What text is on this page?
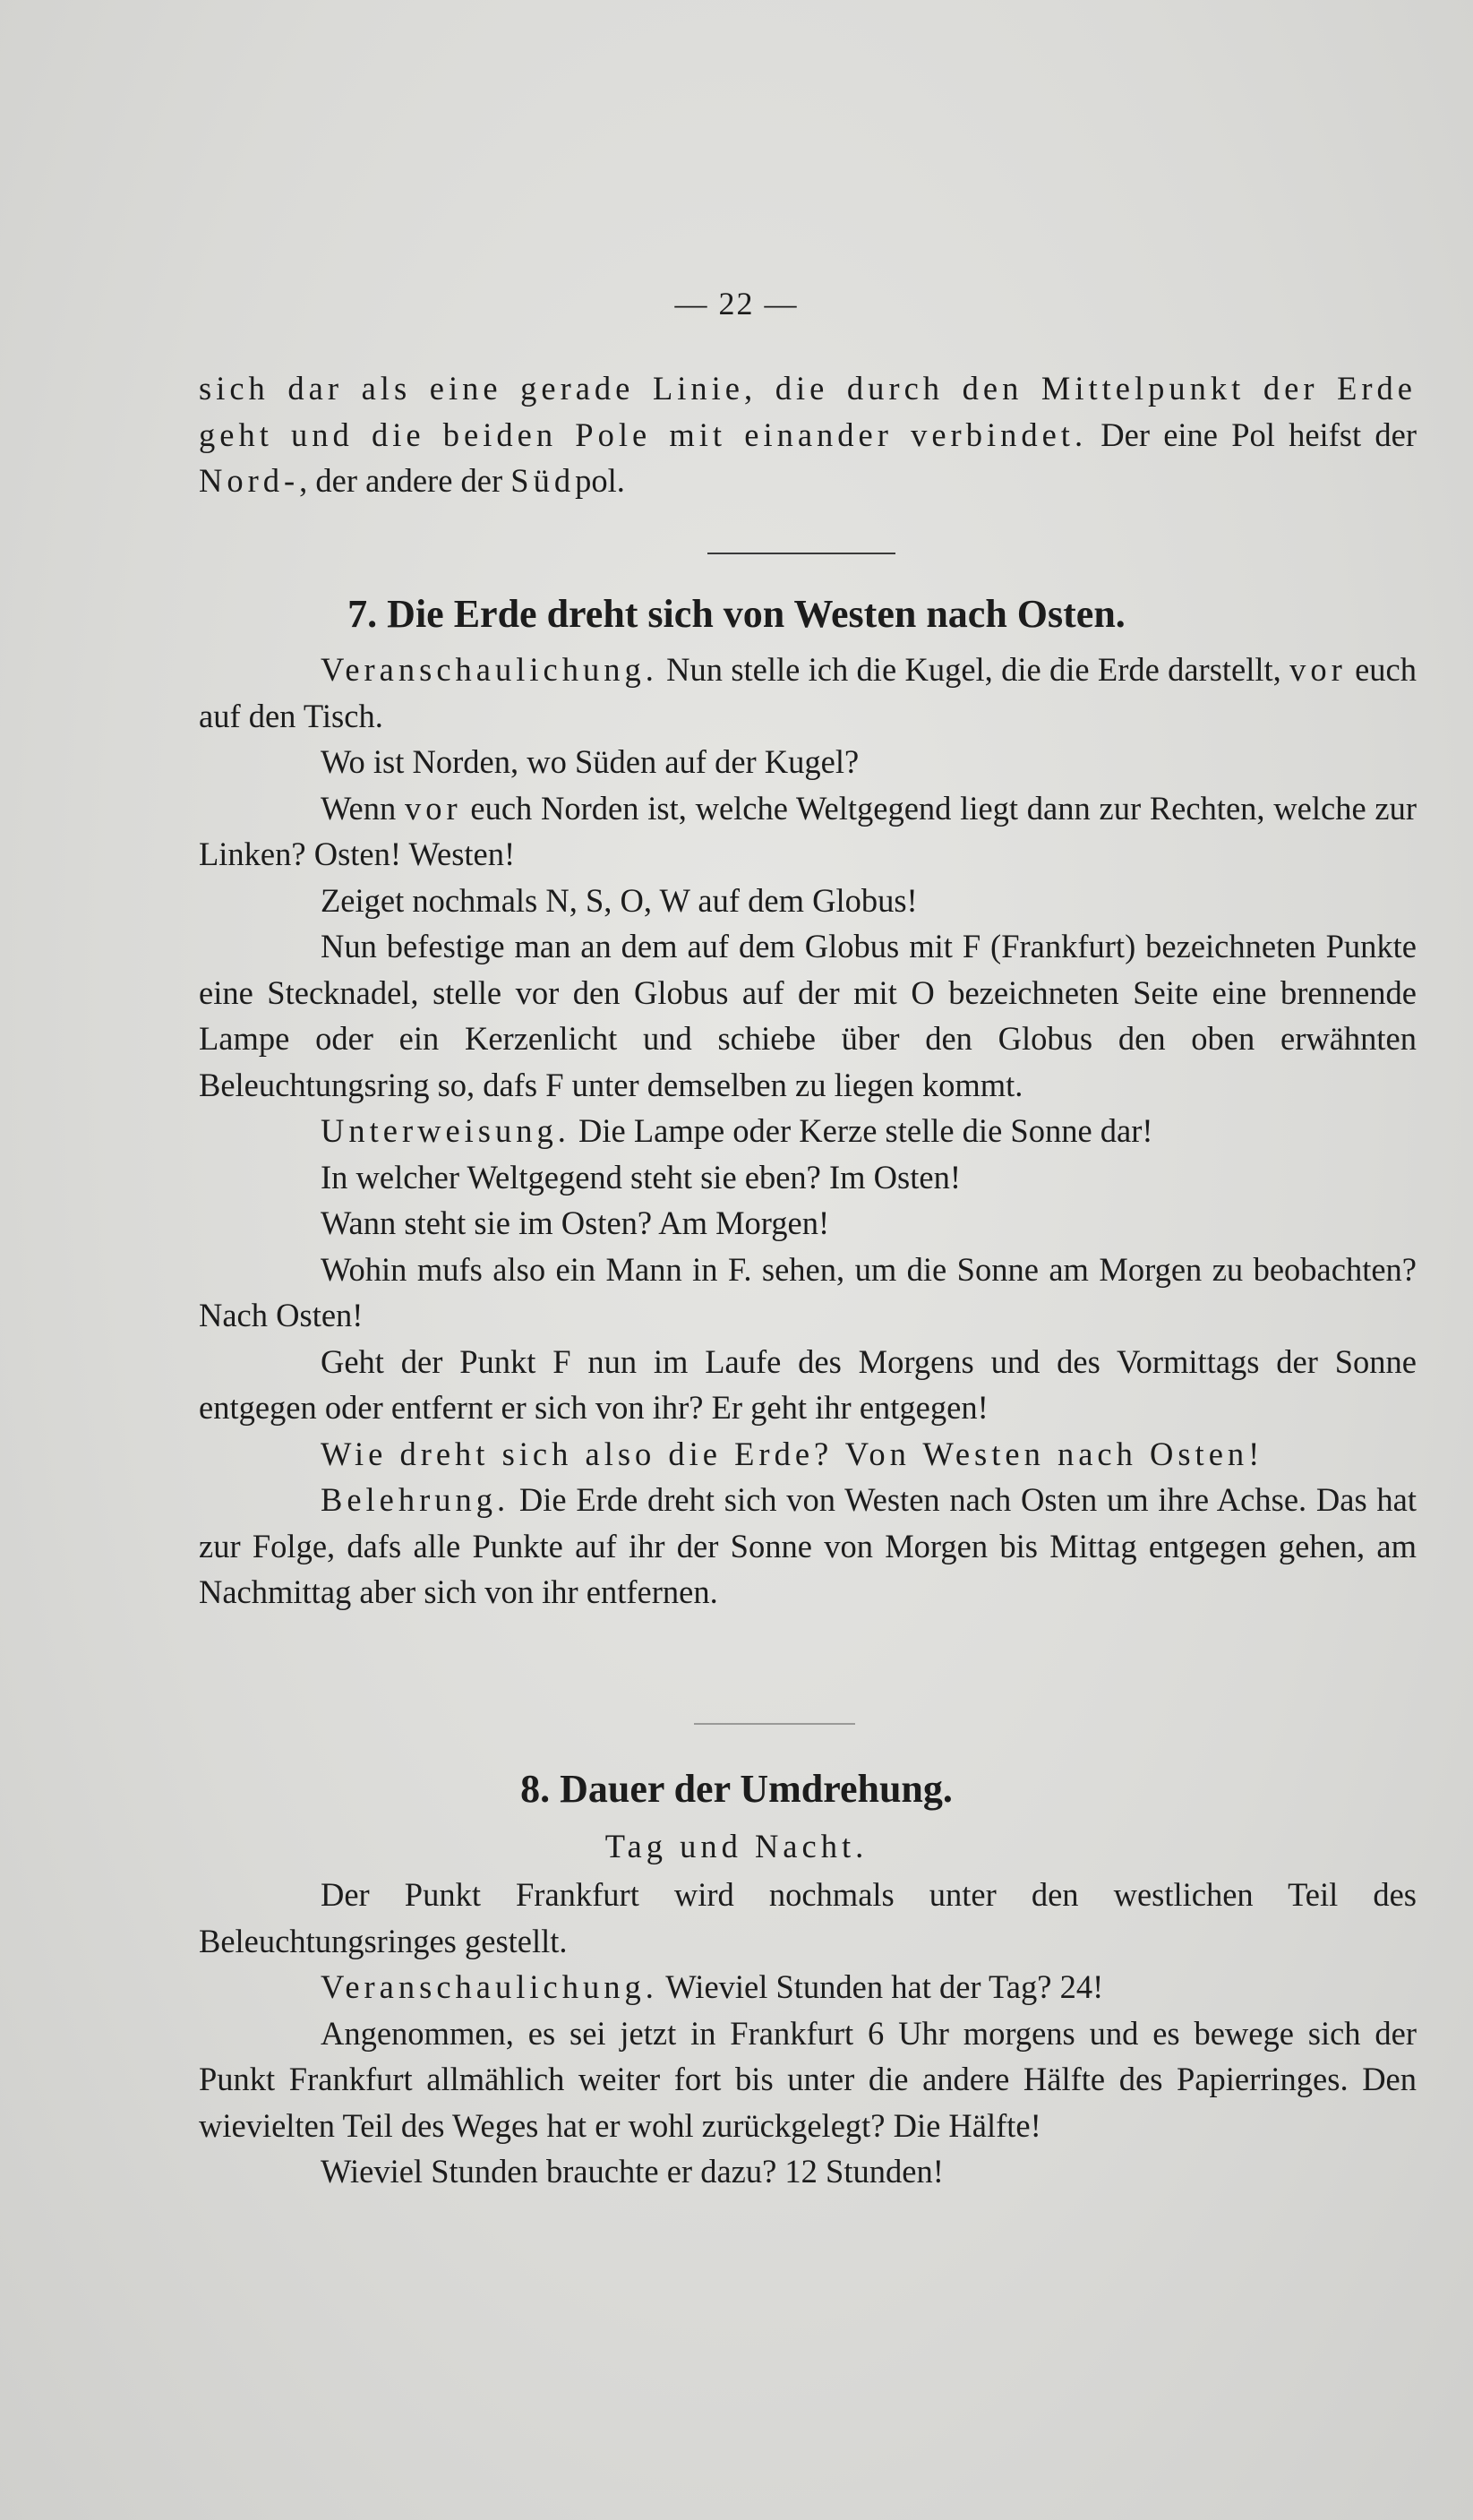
— 22 —

sich dar als eine gerade Linie, die durch den Mittelpunkt der Erde geht und die beiden Pole mit einander verbindet. Der eine Pol heifst der Nord-, der andere der Südpol.

7. Die Erde dreht sich von Westen nach Osten.

Veranschaulichung. Nun stelle ich die Kugel, die die Erde darstellt, vor euch auf den Tisch.

Wo ist Norden, wo Süden auf der Kugel?

Wenn vor euch Norden ist, welche Weltgegend liegt dann zur Rechten, welche zur Linken? Osten! Westen!

Zeiget nochmals N, S, O, W auf dem Globus!

Nun befestige man an dem auf dem Globus mit F (Frankfurt) bezeichneten Punkte eine Stecknadel, stelle vor den Globus auf der mit O bezeichneten Seite eine brennende Lampe oder ein Kerzenlicht und schiebe über den Globus den oben erwähnten Beleuchtungsring so, dafs F unter demselben zu liegen kommt.

Unterweisung. Die Lampe oder Kerze stelle die Sonne dar!

In welcher Weltgegend steht sie eben? Im Osten!

Wann steht sie im Osten? Am Morgen!

Wohin mufs also ein Mann in F. sehen, um die Sonne am Morgen zu beobachten? Nach Osten!

Geht der Punkt F nun im Laufe des Morgens und des Vormittags der Sonne entgegen oder entfernt er sich von ihr? Er geht ihr entgegen!

Wie dreht sich also die Erde? Von Westen nach Osten!

Belehrung. Die Erde dreht sich von Westen nach Osten um ihre Achse. Das hat zur Folge, dafs alle Punkte auf ihr der Sonne von Morgen bis Mittag entgegen gehen, am Nachmittag aber sich von ihr entfernen.

8. Dauer der Umdrehung.
Tag und Nacht.

Der Punkt Frankfurt wird nochmals unter den westlichen Teil des Beleuchtungsringes gestellt.

Veranschaulichung. Wieviel Stunden hat der Tag? 24!

Angenommen, es sei jetzt in Frankfurt 6 Uhr morgens und es bewege sich der Punkt Frankfurt allmählich weiter fort bis unter die andere Hälfte des Papierringes. Den wievielten Teil des Weges hat er wohl zurückgelegt? Die Hälfte!

Wieviel Stunden brauchte er dazu? 12 Stunden!
